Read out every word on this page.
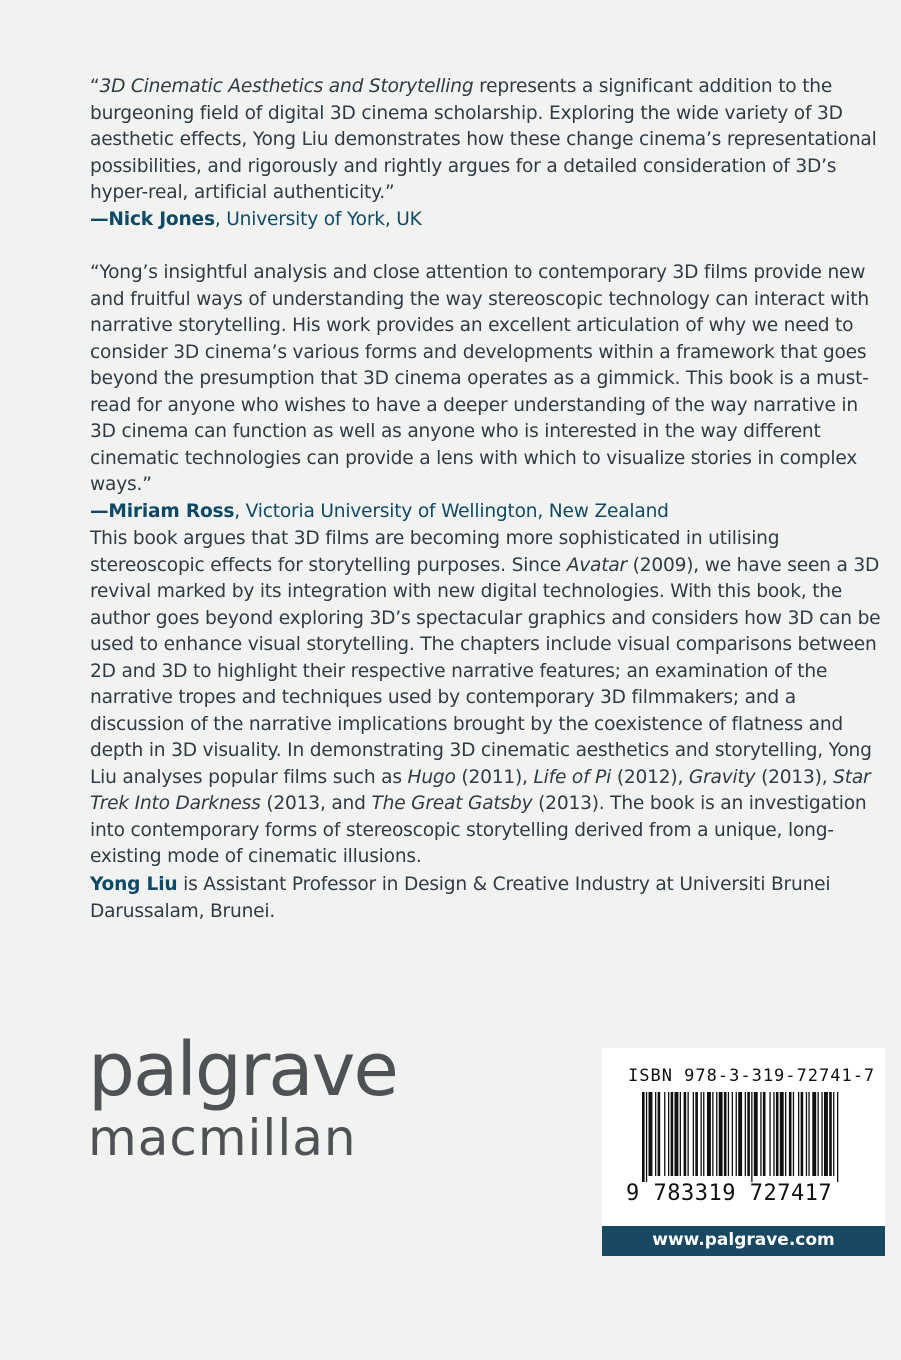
“3D Cinematic Aesthetics and Storytelling represents a significant addition to the burgeoning field of digital 3D cinema scholarship. Exploring the wide variety of 3D aesthetic effects, Yong Liu demonstrates how these change cinema’s representational possibilities, and rigorously and rightly argues for a detailed consideration of 3D’s hyper-real, artificial authenticity.”
—Nick Jones, University of York, UK

“Yong’s insightful analysis and close attention to contemporary 3D films provide new and fruitful ways of understanding the way stereoscopic technology can interact with narrative storytelling. His work provides an excellent articulation of why we need to consider 3D cinema’s various forms and developments within a framework that goes beyond the presumption that 3D cinema operates as a gimmick. This book is a must-read for anyone who wishes to have a deeper understanding of the way narrative in 3D cinema can function as well as anyone who is interested in the way different cinematic technologies can provide a lens with which to visualize stories in complex ways.”
—Miriam Ross, Victoria University of Wellington, New Zealand

This book argues that 3D films are becoming more sophisticated in utilising stereoscopic effects for storytelling purposes. Since Avatar (2009), we have seen a 3D revival marked by its integration with new digital technologies. With this book, the author goes beyond exploring 3D’s spectacular graphics and considers how 3D can be used to enhance visual storytelling. The chapters include visual comparisons between 2D and 3D to highlight their respective narrative features; an examination of the narrative tropes and techniques used by contemporary 3D filmmakers; and a discussion of the narrative implications brought by the coexistence of flatness and depth in 3D visuality. In demonstrating 3D cinematic aesthetics and storytelling, Yong Liu analyses popular films such as Hugo (2011), Life of Pi (2012), Gravity (2013), Star Trek Into Darkness (2013, and The Great Gatsby (2013). The book is an investigation into contemporary forms of stereoscopic storytelling derived from a unique, long-existing mode of cinematic illusions.

Yong Liu is Assistant Professor in Design & Creative Industry at Universiti Brunei Darussalam, Brunei.

palgrave
macmillan
ISBN 978-3-319-72741-7
9 783319 727417
www.palgrave.com
